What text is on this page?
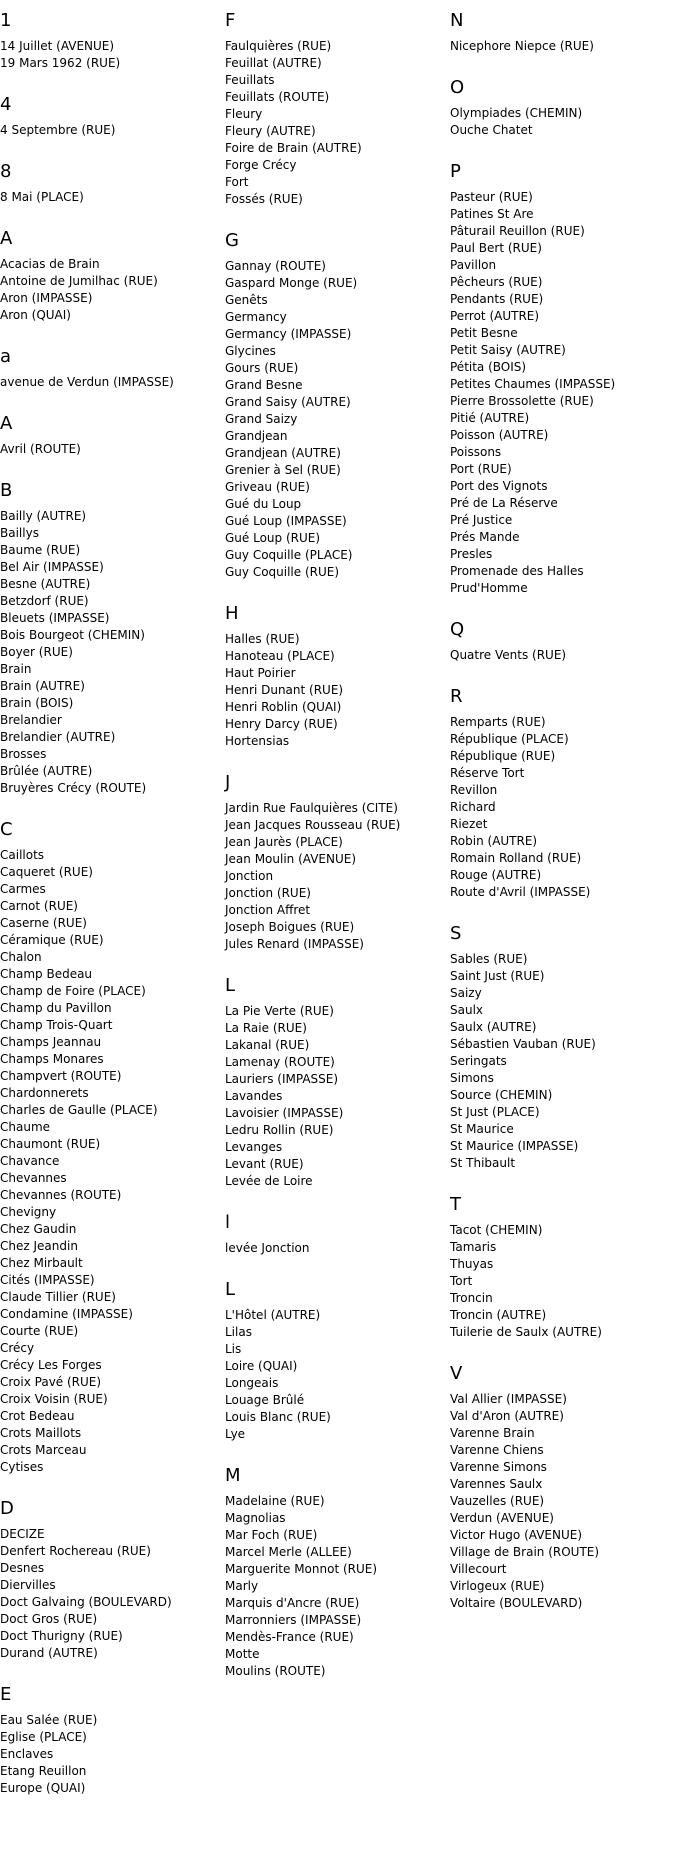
1
14 Juillet (AVENUE)
19 Mars 1962 (RUE)
4
4 Septembre (RUE)
8
8 Mai (PLACE)
A
Acacias de Brain
Antoine de Jumilhac (RUE)
Aron (IMPASSE)
Aron (QUAI)
a
avenue de Verdun (IMPASSE)
A
Avril (ROUTE)
B
Bailly (AUTRE)
Baillys
Baume (RUE)
Bel Air (IMPASSE)
Besne (AUTRE)
Betzdorf (RUE)
Bleuets (IMPASSE)
Bois Bourgeot (CHEMIN)
Boyer (RUE)
Brain
Brain (AUTRE)
Brain (BOIS)
Brelandier
Brelandier (AUTRE)
Brosses
Brûlée (AUTRE)
Bruyères Crécy (ROUTE)
C
Caillots
Caqueret (RUE)
Carmes
Carnot (RUE)
Caserne (RUE)
Céramique (RUE)
Chalon
Champ Bedeau
Champ de Foire (PLACE)
Champ du Pavillon
Champ Trois-Quart
Champs Jeannau
Champs Monares
Champvert (ROUTE)
Chardonnerets
Charles de Gaulle (PLACE)
Chaume
Chaumont (RUE)
Chavance
Chevannes
Chevannes (ROUTE)
Chevigny
Chez Gaudin
Chez Jeandin
Chez Mirbault
Cités (IMPASSE)
Claude Tillier (RUE)
Condamine (IMPASSE)
Courte (RUE)
Crécy
Crécy Les Forges
Croix Pavé (RUE)
Croix Voisin (RUE)
Crot Bedeau
Crots Maillots
Crots Marceau
Cytises
D
DECIZE
Denfert Rochereau (RUE)
Desnes
Diervilles
Doct Galvaing (BOULEVARD)
Doct Gros (RUE)
Doct Thurigny (RUE)
Durand (AUTRE)
E
Eau Salée (RUE)
Eglise (PLACE)
Enclaves
Etang Reuillon
Europe (QUAI)
F
Faulquières (RUE)
Feuillat (AUTRE)
Feuillats
Feuillats (ROUTE)
Fleury
Fleury (AUTRE)
Foire de Brain (AUTRE)
Forge Crécy
Fort
Fossés (RUE)
G
Gannay (ROUTE)
Gaspard Monge (RUE)
Genêts
Germancy
Germancy (IMPASSE)
Glycines
Gours (RUE)
Grand Besne
Grand Saisy (AUTRE)
Grand Saizy
Grandjean
Grandjean (AUTRE)
Grenier à Sel (RUE)
Griveau (RUE)
Gué du Loup
Gué Loup (IMPASSE)
Gué Loup (RUE)
Guy Coquille (PLACE)
Guy Coquille (RUE)
H
Halles (RUE)
Hanoteau (PLACE)
Haut Poirier
Henri Dunant (RUE)
Henri Roblin (QUAI)
Henry Darcy (RUE)
Hortensias
J
Jardin Rue Faulquières (CITE)
Jean Jacques Rousseau (RUE)
Jean Jaurès (PLACE)
Jean Moulin (AVENUE)
Jonction
Jonction (RUE)
Jonction Affret
Joseph Boigues (RUE)
Jules Renard (IMPASSE)
L
La Pie Verte (RUE)
La Raie (RUE)
Lakanal (RUE)
Lamenay (ROUTE)
Lauriers (IMPASSE)
Lavandes
Lavoisier (IMPASSE)
Ledru Rollin (RUE)
Levanges
Levant (RUE)
Levée de Loire
l
levée Jonction
L
L'Hôtel (AUTRE)
Lilas
Lis
Loire (QUAI)
Longeais
Louage Brûlé
Louis Blanc (RUE)
Lye
M
Madelaine (RUE)
Magnolias
Mar Foch (RUE)
Marcel Merle (ALLEE)
Marguerite Monnot (RUE)
Marly
Marquis d'Ancre (RUE)
Marronniers (IMPASSE)
Mendès-France (RUE)
Motte
Moulins (ROUTE)
N
Nicephore Niepce (RUE)
O
Olympiades (CHEMIN)
Ouche Chatet
P
Pasteur (RUE)
Patines St Are
Pâturail Reuillon (RUE)
Paul Bert (RUE)
Pavillon
Pêcheurs (RUE)
Pendants (RUE)
Perrot (AUTRE)
Petit Besne
Petit Saisy (AUTRE)
Pétita (BOIS)
Petites Chaumes (IMPASSE)
Pierre Brossolette (RUE)
Pitié (AUTRE)
Poisson (AUTRE)
Poissons
Port (RUE)
Port des Vignots
Pré de La Réserve
Pré Justice
Prés Mande
Presles
Promenade des Halles
Prud'Homme
Q
Quatre Vents (RUE)
R
Remparts (RUE)
République (PLACE)
République (RUE)
Réserve Tort
Revillon
Richard
Riezet
Robin (AUTRE)
Romain Rolland (RUE)
Rouge (AUTRE)
Route d'Avril (IMPASSE)
S
Sables (RUE)
Saint Just (RUE)
Saizy
Saulx
Saulx (AUTRE)
Sébastien Vauban (RUE)
Seringats
Simons
Source (CHEMIN)
St Just (PLACE)
St Maurice
St Maurice (IMPASSE)
St Thibault
T
Tacot (CHEMIN)
Tamaris
Thuyas
Tort
Troncin
Troncin (AUTRE)
Tuilerie de Saulx (AUTRE)
V
Val Allier (IMPASSE)
Val d'Aron (AUTRE)
Varenne Brain
Varenne Chiens
Varenne Simons
Varennes Saulx
Vauzelles (RUE)
Verdun (AVENUE)
Victor Hugo (AVENUE)
Village de Brain (ROUTE)
Villecourt
Virlogeux (RUE)
Voltaire (BOULEVARD)
